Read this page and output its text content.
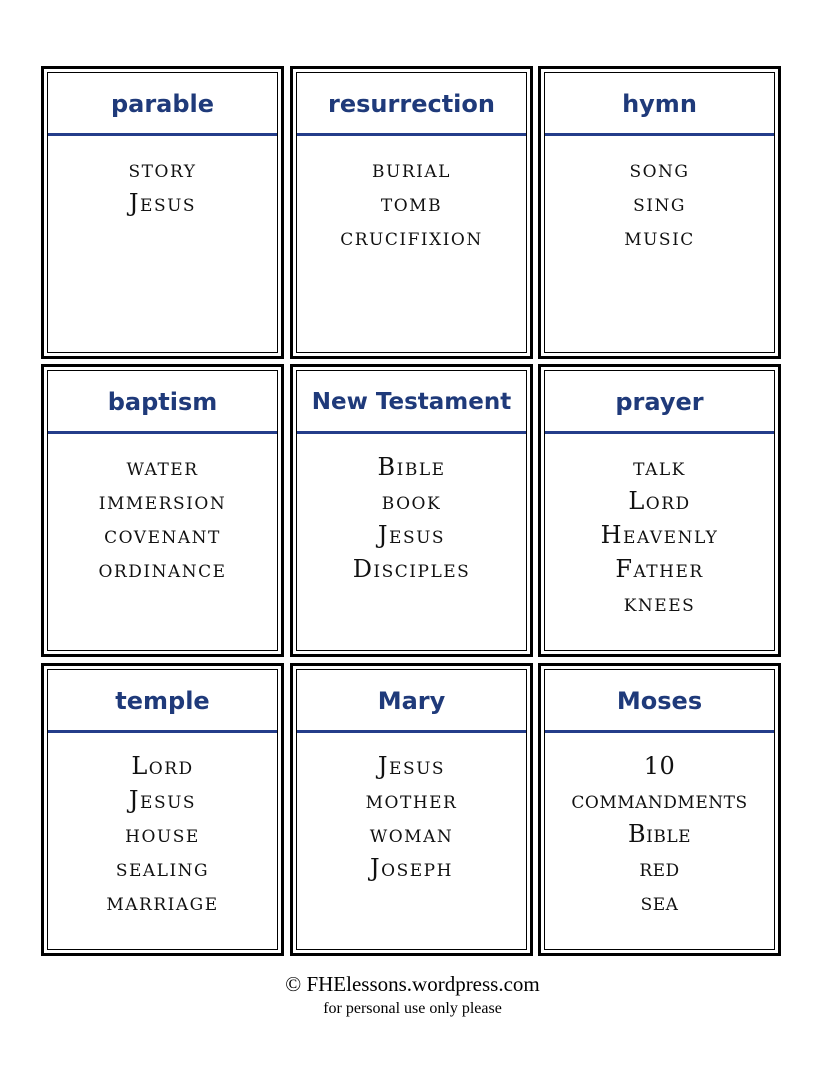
parable
story
Jesus
resurrection
burial
tomb
crucifixion
hymn
song
sing
music
baptism
water
immersion
covenant
ordinance
New Testament
Bible
book
Jesus
Disciples
prayer
talk
Lord
Heavenly
Father
knees
temple
Lord
Jesus
house
sealing
marriage
Mary
Jesus
mother
woman
Joseph
Moses
10
commandments
Bible
red
sea
© FHElessons.wordpress.com
for personal use only please
